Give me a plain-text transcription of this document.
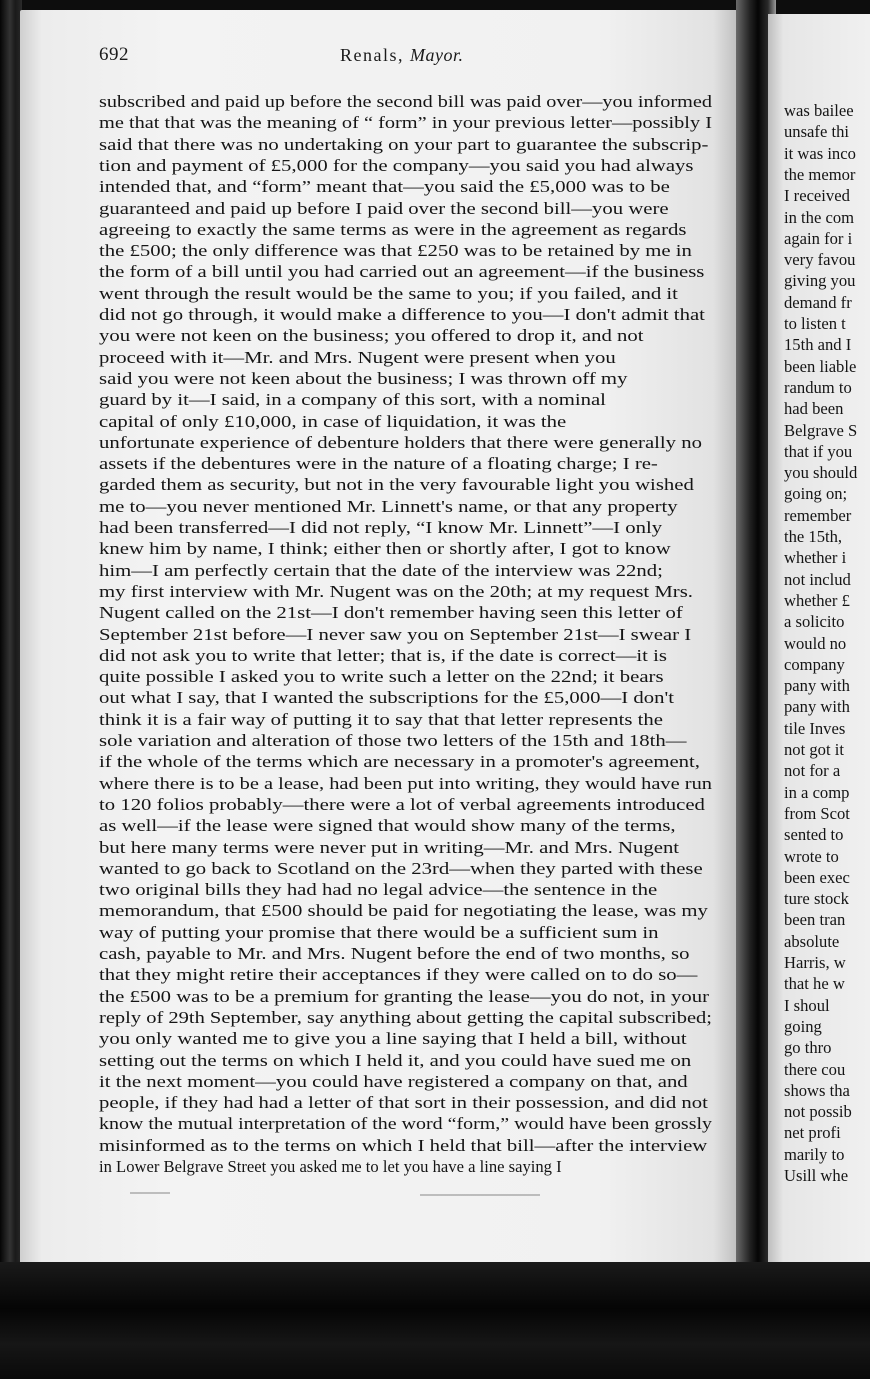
692	Renals, Mayor.
subscribed and paid up before the second bill was paid over—you informed
me that that was the meaning of “ form” in your previous letter—possibly I
said that there was no undertaking on your part to guarantee the subscrip-
tion and payment of £5,000 for the company—you said you had always
intended that, and “form” meant that—you said the £5,000 was to be
guaranteed and paid up before I paid over the second bill—you were
agreeing to exactly the same terms as were in the agreement as regards
the £500; the only difference was that £250 was to be retained by me in
the form of a bill until you had carried out an agreement—if the business
went through the result would be the same to you; if you failed, and it
did not go through, it would make a difference to you—I don't admit that
you were not keen on the business; you offered to drop it, and not
proceed with it—Mr. and Mrs. Nugent were present when you
said you were not keen about the business; I was thrown off my
guard by it—I said, in a company of this sort, with a nominal
capital of only £10,000, in case of liquidation, it was the
unfortunate experience of debenture holders that there were generally no
assets if the debentures were in the nature of a floating charge; I re-
garded them as security, but not in the very favourable light you wished
me to—you never mentioned Mr. Linnett's name, or that any property
had been transferred—I did not reply, “I know Mr. Linnett”—I only
knew him by name, I think; either then or shortly after, I got to know
him—I am perfectly certain that the date of the interview was 22nd;
my first interview with Mr. Nugent was on the 20th; at my request Mrs.
Nugent called on the 21st—I don't remember having seen this letter of
September 21st before—I never saw you on September 21st—I swear I
did not ask you to write that letter; that is, if the date is correct—it is
quite possible I asked you to write such a letter on the 22nd; it bears
out what I say, that I wanted the subscriptions for the £5,000—I don't
think it is a fair way of putting it to say that that letter represents the
sole variation and alteration of those two letters of the 15th and 18th—
if the whole of the terms which are necessary in a promoter's agreement,
where there is to be a lease, had been put into writing, they would have run
to 120 folios probably—there were a lot of verbal agreements introduced
as well—if the lease were signed that would show many of the terms,
but here many terms were never put in writing—Mr. and Mrs. Nugent
wanted to go back to Scotland on the 23rd—when they parted with these
two original bills they had had no legal advice—the sentence in the
memorandum, that £500 should be paid for negotiating the lease, was my
way of putting your promise that there would be a sufficient sum in
cash, payable to Mr. and Mrs. Nugent before the end of two months, so
that they might retire their acceptances if they were called on to do so—
the £500 was to be a premium for granting the lease—you do not, in your
reply of 29th September, say anything about getting the capital subscribed;
you only wanted me to give you a line saying that I held a bill, without
setting out the terms on which I held it, and you could have sued me on
it the next moment—you could have registered a company on that, and
people, if they had had a letter of that sort in their possession, and did not
know the mutual interpretation of the word “form,” would have been grossly
misinformed as to the terms on which I held that bill—after the interview
in Lower Belgrave Street you asked me to let you have a line saying I
was bailee
unsafe thi
it was inco
the memor
I received
in the com
again for i
very favou
giving you
demand fr
to listen t
15th and I
been liable
randum to
had been
Belgrave S
that if you
you should
going on;
remember
the 15th,
whether i
not includ
whether £
a solicito
would no
company
pany with
pany with
tile Inves
not got it
not for a
in a comp
from Scot
sented to
wrote to
been exec
ture stock
been tran
absolute
Harris, w
that he w
I shoul
going
go thro
there cou
shows tha
not possib
net profi
marily to
Usill whe
